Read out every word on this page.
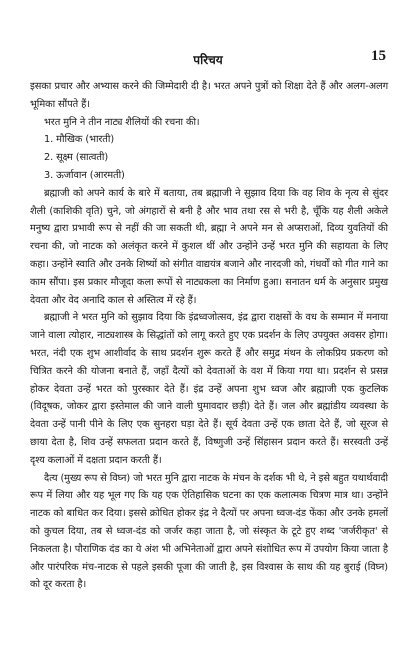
परिचय	15

इसका प्रचार और अभ्यास करने की जिम्मेदारी दी है। भरत अपने पुत्रों को शिक्षा देते हैं और अलग-अलग भूमिका सौंपते हैं।

भरत मुनि ने तीन नाट्य शैलियों की रचना की।

1. मौखिक (भारती)
2. सूक्ष्म (सात्वती)
3. ऊर्जावान (आरमती)

ब्रह्माजी को अपने कार्य के बारे में बताया, तब ब्रह्माजी ने सुझाव दिया कि वह शिव के नृत्य से सुंदर शैली (काशिकी वृति) चुने, जो अंगहारों से बनी है और भाव तथा रस से भरी है, चूँकि यह शैली अकेले मनुष्य द्वारा प्रभावी रूप से नहीं की जा सकती थी, ब्रह्मा ने अपने मन से अप्सराओं, दिव्य युवतियों की रचना की, जो नाटक को अलंकृत करने में कुशल थीं और उन्होंने उन्हें भरत मुनि की सहायता के लिए कहा। उन्होंने स्वाति और उनके शिष्यों को संगीत वाद्ययंत्र बजाने और नारदजी को, गंधर्वों को गीत गाने का काम सौंपा। इस प्रकार मौजूदा कला रूपों से नाट्यकला का निर्माण हुआ। सनातन धर्म के अनुसार प्रमुख देवता और वेद अनादि काल से अस्तित्व में रहे हैं।

ब्रह्माजी ने भरत मुनि को सुझाव दिया कि इंद्रध्वजोत्सव, इंद्र द्वारा राक्षसों के वध के सम्मान में मनाया जाने वाला त्योहार, नाट्यशास्त्र के सिद्धांतों को लागू करते हुए एक प्रदर्शन के लिए उपयुक्त अवसर होगा। भरत, नंदी एक शुभ आशीर्वाद के साथ प्रदर्शन शुरू करते हैं और समुद्र मंथन के लोकप्रिय प्रकरण को चित्रित करने की योजना बनाते हैं, जहाँ दैत्यों को देवताओं के वश में किया गया था। प्रदर्शन से प्रसन्न होकर देवता उन्हें भरत को पुरस्कार देते हैं। इंद्र उन्हें अपना शुभ ध्वज और ब्रह्माजी एक कुटलिक (विदूषक, जोकर द्वारा इस्तेमाल की जाने वाली घुमावदार छड़ी) देते हैं। जल और ब्रह्मांडीय व्यवस्था के देवता उन्हें पानी पीने के लिए एक सुनहरा घड़ा देते हैं। सूर्य देवता उन्हें एक छाता देते हैं, जो सूरज से छाया देता है, शिव उन्हें सफलता प्रदान करते हैं, विष्णुजी उन्हें सिंहासन प्रदान करते हैं। सरस्वती उन्हें दृश्य कलाओं में दक्षता प्रदान करती हैं।

दैत्य (मुख्य रूप से विघ्न) जो भरत मुनि द्वारा नाटक के मंचन के दर्शक भी थे, ने इसे बहुत यथार्थवादी रूप में लिया और यह भूल गए कि यह एक ऐतिहासिक घटना का एक कलात्मक चित्रण मात्र था। उन्होंने नाटक को बाधित कर दिया। इससे क्रोधित होकर इंद्र ने दैत्यों पर अपना ध्वज-दंड फेंका और उनके हमलों को कुचल दिया, तब से ध्वज-दंड को जर्जर कहा जाता है, जो संस्कृत के टूटे हुए शब्द 'जर्जरीकृत' से निकलता है। पौराणिक दंड का ये अंश भी अभिनेताओं द्वारा अपने संशोधित रूप में उपयोग किया जाता है और पारंपरिक मंच-नाटक से पहले इसकी पूजा की जाती है, इस विश्वास के साथ की यह बुराई (विघ्न) को दूर करता है।
